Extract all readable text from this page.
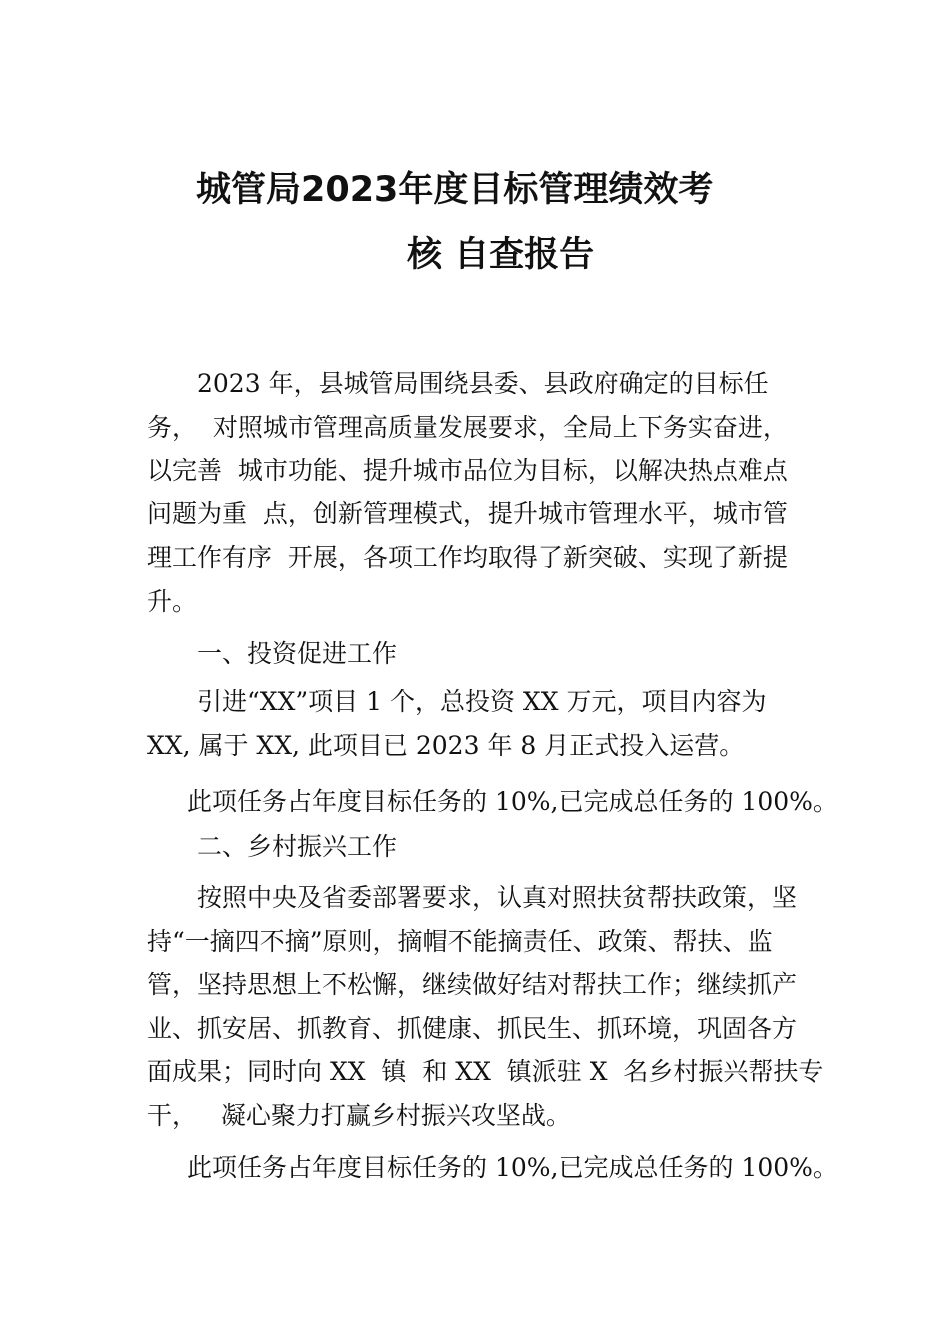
城管局2023年度目标管理绩效考
核 自查报告
2023 年，县城管局围绕县委、县政府确定的目标任
务，  对照城市管理高质量发展要求，全局上下务实奋进，
以完善  城市功能、提升城市品位为目标，以解决热点难点
问题为重  点，创新管理模式，提升城市管理水平，城市管
理工作有序  开展，各项工作均取得了新突破、实现了新提
升。
一、投资促进工作
引进“XX”项目 1 个，总投资 XX 万元，项目内容为
XX, 属于 XX, 此项目已 2023 年 8 月正式投入运营。
此项任务占年度目标任务的 10%,已完成总任务的 100%。
二、乡村振兴工作
按照中央及省委部署要求，认真对照扶贫帮扶政策，坚
持“一摘四不摘”原则，摘帽不能摘责任、政策、帮扶、监
管，坚持思想上不松懈，继续做好结对帮扶工作；继续抓产
业、抓安居、抓教育、抓健康、抓民生、抓环境，巩固各方
面成果；同时向 XX  镇  和 XX  镇派驻 X  名乡村振兴帮扶专
干，   凝心聚力打赢乡村振兴攻坚战。
此项任务占年度目标任务的 10%,已完成总任务的 100%。
